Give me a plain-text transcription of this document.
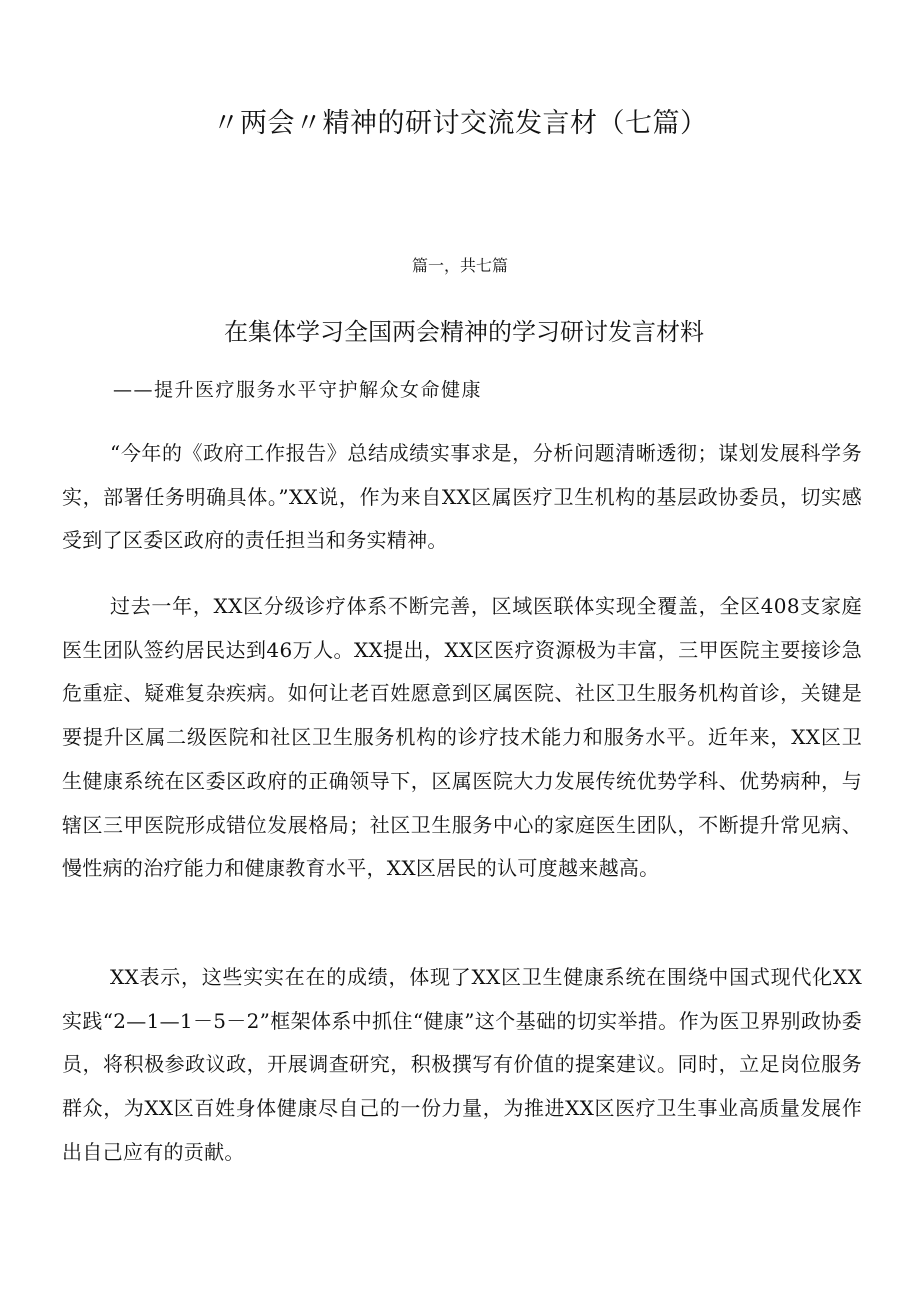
〃两会〃精神的研讨交流发言材（七篇）
篇一，共七篇
在集体学习全国两会精神的学习研讨发言材料
——提升医疗服务水平守护解众女命健康

“今年的《政府工作报告》总结成绩实事求是，分析问题清晰透彻；谋划发展科学务实，部署任务明确具体。”XX说，作为来自XX区属医疗卫生机构的基层政协委员，切实感受到了区委区政府的责任担当和务实精神。

过去一年，XX区分级诊疗体系不断完善，区域医联体实现全覆盖，全区408支家庭医生团队签约居民达到46万人。XX提出，XX区医疗资源极为丰富，三甲医院主要接诊急危重症、疑难复杂疾病。如何让老百姓愿意到区属医院、社区卫生服务机构首诊，关键是要提升区属二级医院和社区卫生服务机构的诊疗技术能力和服务水平。近年来，XX区卫生健康系统在区委区政府的正确领导下，区属医院大力发展传统优势学科、优势病种，与辖区三甲医院形成错位发展格局；社区卫生服务中心的家庭医生团队，不断提升常见病、慢性病的治疗能力和健康教育水平，XX区居民的认可度越来越高。

XX表示，这些实实在在的成绩，体现了XX区卫生健康系统在围绕中国式现代化XX实践“2—1—1－5－2”框架体系中抓住“健康”这个基础的切实举措。作为医卫界别政协委员，将积极参政议政，开展调查研究，积极撰写有价值的提案建议。同时，立足岗位服务群众，为XX区百姓身体健康尽自己的一份力量，为推进XX区医疗卫生事业高质量发展作出自己应有的贡献。
